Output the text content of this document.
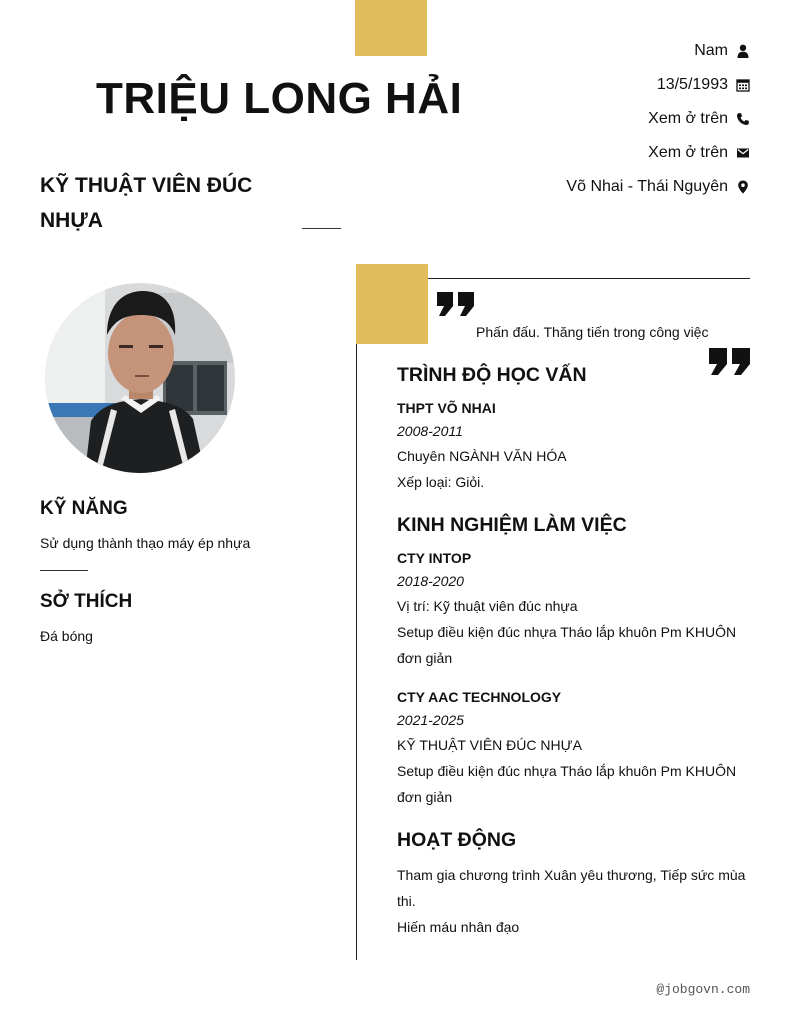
TRIỆU LONG HẢI
KỸ THUẬT VIÊN ĐÚC NHỰA
Nam
13/5/1993
Xem ở trên
Xem ở trên
Võ Nhai - Thái Nguyên
KỸ NĂNG
Sử dụng thành thạo máy ép nhựa
SỞ THÍCH
Đá bóng
Phấn đấu. Thăng tiến trong công việc
TRÌNH ĐỘ HỌC VẤN
THPT VÕ NHAI
2008-2011
Chuyên NGÀNH VĂN HÓA
Xếp loại: Giỏi.
KINH NGHIỆM LÀM VIỆC
CTY INTOP
2018-2020
Vị trí: Kỹ thuật viên đúc nhựa
Setup điều kiện đúc nhựa Tháo lắp khuôn Pm KHUÔN đơn giản
CTY AAC TECHNOLOGY
2021-2025
KỸ THUẬT VIÊN ĐÚC NHỰA
Setup điều kiện đúc nhựa Tháo lắp khuôn Pm KHUÔN đơn giản
HOẠT ĐỘNG
Tham gia chương trình Xuân yêu thương, Tiếp sức mùa thi.
Hiến máu nhân đạo
@jobgovn.com
